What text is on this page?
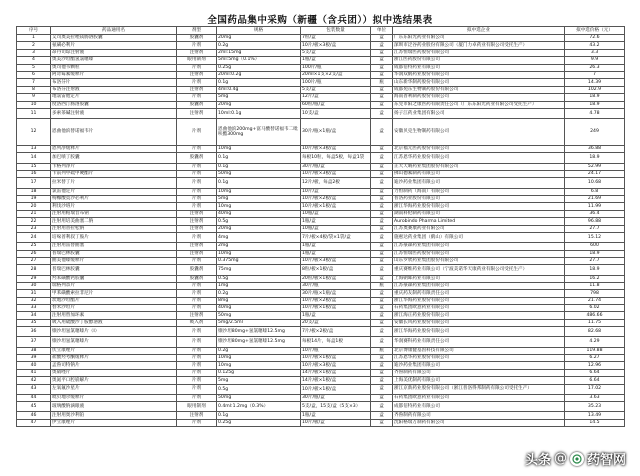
全国药品集中采购（新疆（含兵团））拟中选结果表
序号	药品通用名	剂型	规格	包装数量	单位	拟中选企业	拟中选价格（元）
1	艾司奥美拉唑镁肠溶胶囊	胶囊剂	20mg	7粒/盒	盒	广东东阳光药业有限公司	72.6
2	氨磺必利片	片剂	0.2g	10片/板×3板/盒	盒	深圳市泛谷药业股份有限公司（厦门力卓药业有限公司受托生产）	43.2
3	昂丹司琼注射液	注射剂	2ml:15mg	5支/盒	盒	江苏恒瑞医药股份有限公司	3.3
4	奥美沙坦酯氢氯噻嗪	眼用制剂	5ml:5mg（0.1%）	1瓶/盒	盒	浙江医药股份有限公司	9.9
5	奥司他韦颗粒	片剂	0.25g	100片/瓶	盒	成都倍特药业有限公司	26.3
6	阿奇霉素缓释片	注射剂	20ml:0.2g	20ml×1支×2支/盒	盒	华润双鹤药业股份有限公司	7
7	布洛芬片	片剂	0.1g	100片/瓶	瓶	山东新华制药股份有限公司	14.39
8	布洛芬注射液	注射剂	4ml:0.4g	5支/盒	盒	成都苑东生物制药股份有限公司	102.9
9	地氯雷他定片	片剂	5mg	12片/盒	盒	海南普利制药股份有限公司	18.9
10	度洛西汀肠溶胶囊	胶囊剂	20mg	60粒/瓶/盒	盒	东莞市阳之康医药有限责任公司（广东东阳光药业有限公司受托生产）	18.9
11	多索茶碱注射液	注射剂	10ml:0.1g	10支/盒	盒	扬子江药业集团有限公司	4.78
12	恩曲他滨替诺福韦片	片剂	恩曲他滨200mg+富马酸替诺福韦二吡呋酯300mg	30片/瓶×1瓶/盒	盒	安徽贝克生物制药有限公司	249
13	恩列净缓释片	片剂	10mg	10片/板×3板/盒	盒	北京福元医药股份有限公司	36.88
14	加巴喷丁胶囊	胶囊剂	0.1g	每板10粒，每盒5板，每盒1袋	盒	江苏恩华药业股份有限公司	18.9
15	卡格列净片	片剂	0.1g	30片/瓶/盒	盒	正大天晴药业集团股份有限公司	52.99
16	卡前列甲硫甲硬酯片	片剂	50mg	10片/板×3板/盒	盒	佛山德素制药有限公司	24.17
17	拉米替丁片	片剂	0.1g	12片/板，每盒2板	盒	迪沙药业集团有限公司	10.68
18	氯雷他定片	片剂	10mg	10片/盒	盒	力恒制药（海南）有限公司	6.8
19	枸橼酸莫沙必利片	片剂	5mg	10片/板×2板/盒	盒	普洛药业股份有限公司	21.69
20	利伐沙班片	片剂	10mg	10片/板×1板/盒	盒	浙江华海药业股份有限公司	11.99
21	注射用帕瑞昔布钠	注射剂	40mg	10瓶/盒	盒	湖南科伦制药有限公司	36.4
22	注射用培美曲塞二钠	注射剂	0.5g	1瓶/盒	盒	Aurobindo Pharma Limited	96.88
23	注射用普拉松钠	注射剂	20mg	10瓶/盒	盒	江苏奥赛康药业有限公司	27.7
24	培哚普利叔丁胺片	片剂	4mg	7片/板×4板/袋×1袋/盒	盒	施惠达药业集团（鹤山）有限公司	15.12
25	注射用雷替曲塞	注射剂	2mg	1瓶/盒	盒	江苏豪森药业集团有限公司	600
26	普瑞巴林胶囊	注射剂	10mg	1瓶/盒	盒	江苏恒瑞医药股份有限公司	18.9
27	曲美他嗪缓释片	片剂	0.375mg	10片/板×3板/盒	盒	山东罗欣药业集团股份有限公司	27.7
28	普瑞巴林胶囊	胶囊剂	75mg	8粒/板×1板/盒	盒	重庆赛维药业有限公司（宁波美诺华天康药业有限公司受托生产）	18.9
29	羟苯磺酸钙胶囊	胶囊剂	0.5g	20粒/板×1板/盒	盒	上海朝晖药业有限公司	16.2
30	瑞格列奈片	片剂	1mg	30片/瓶	瓶	江苏豪森药业集团有限公司	11.8
31	甲苯磺酸索拉非尼片	片剂	0.2g	30片/瓶×1瓶/盒	盒	重庆药友制药有限责任公司	798
32	坎地沙坦酯片	片剂	8mg	10片/板×2板/盒	盒	浙江华海药业股份有限公司	21.74
33	替米沙坦片	片剂	40mg	10片/板×1板/盒	盒	石药集团欧意药业有限公司	6.02
34	注射用替加环素	注射剂	50mg	1瓶/盒	盒	浙江海正药业股份有限公司	486.66
35	吸入用硫酸沙丁胺醇溶液	吸入剂	5mg/2.5ml	20支/盒	盒	安徽长风药业股份有限公司	11.75
36	缬沙坦氢氯噻嗪片（I）	片剂	缬沙坦80mg+氢氯噻嗪12.5mg	7片/板×2板/盒	盒	浙江华海药业股份有限公司	82.68
37	缬沙坦氢氯噻嗪片	片剂	缬沙坦80mg+氢氯噻嗪12.5mg	每板14片，每盒1板	盒	华润赛科药业有限责任公司	4.29
38	伏立康唑片	片剂	0.2g	10片/瓶	瓶	北京博康健基因科技有限公司	119.88
39	盐酸羟考酮缓释片	片剂	10mg	10片/板×1板/盒	盒	江苏恩华药业股份有限公司	6.27
40	孟鲁司特钠片	片剂	10mg	10片/板×3板/盒	盒	迪沙药业集团有限公司	12.96
41	奥硝唑片	片剂	0.125g	14片/板×1板/盒	盒	齐鲁制药有限公司	6.64
42	奥氮平口腔崩解片	片剂	5mg	14片/板×1板/盒	盒	上海美优制药有限公司	6.64
43	左氧氟沙星片	片剂	0.5g	10片/板×1板/盒	盒	浙江京新药业股份有限公司（浙江普洛得邦制药有限公司受托生产）	17.02
44	吡贝地尔缓释片	片剂	50mg	30片/瓶/盒	盒	石药集团欧意药业有限公司	3.63
45	玻璃酸钠滴眼液	眼用制剂	0.4ml:1.2mg（0.3%）	5支/盒，15支/盒（5支×3）	盒	成都倍特药业有限公司	35.23
46	注射用奥沙利铂	注射剂	0.1g	1瓶/盒	盒	齐鲁制药有限公司	13.49
47	伊立康唑片	片剂	0.25g	10片/板/盒	盒	沈阳格瑞万制药有限公司	14.5
头条 @ 药智网
